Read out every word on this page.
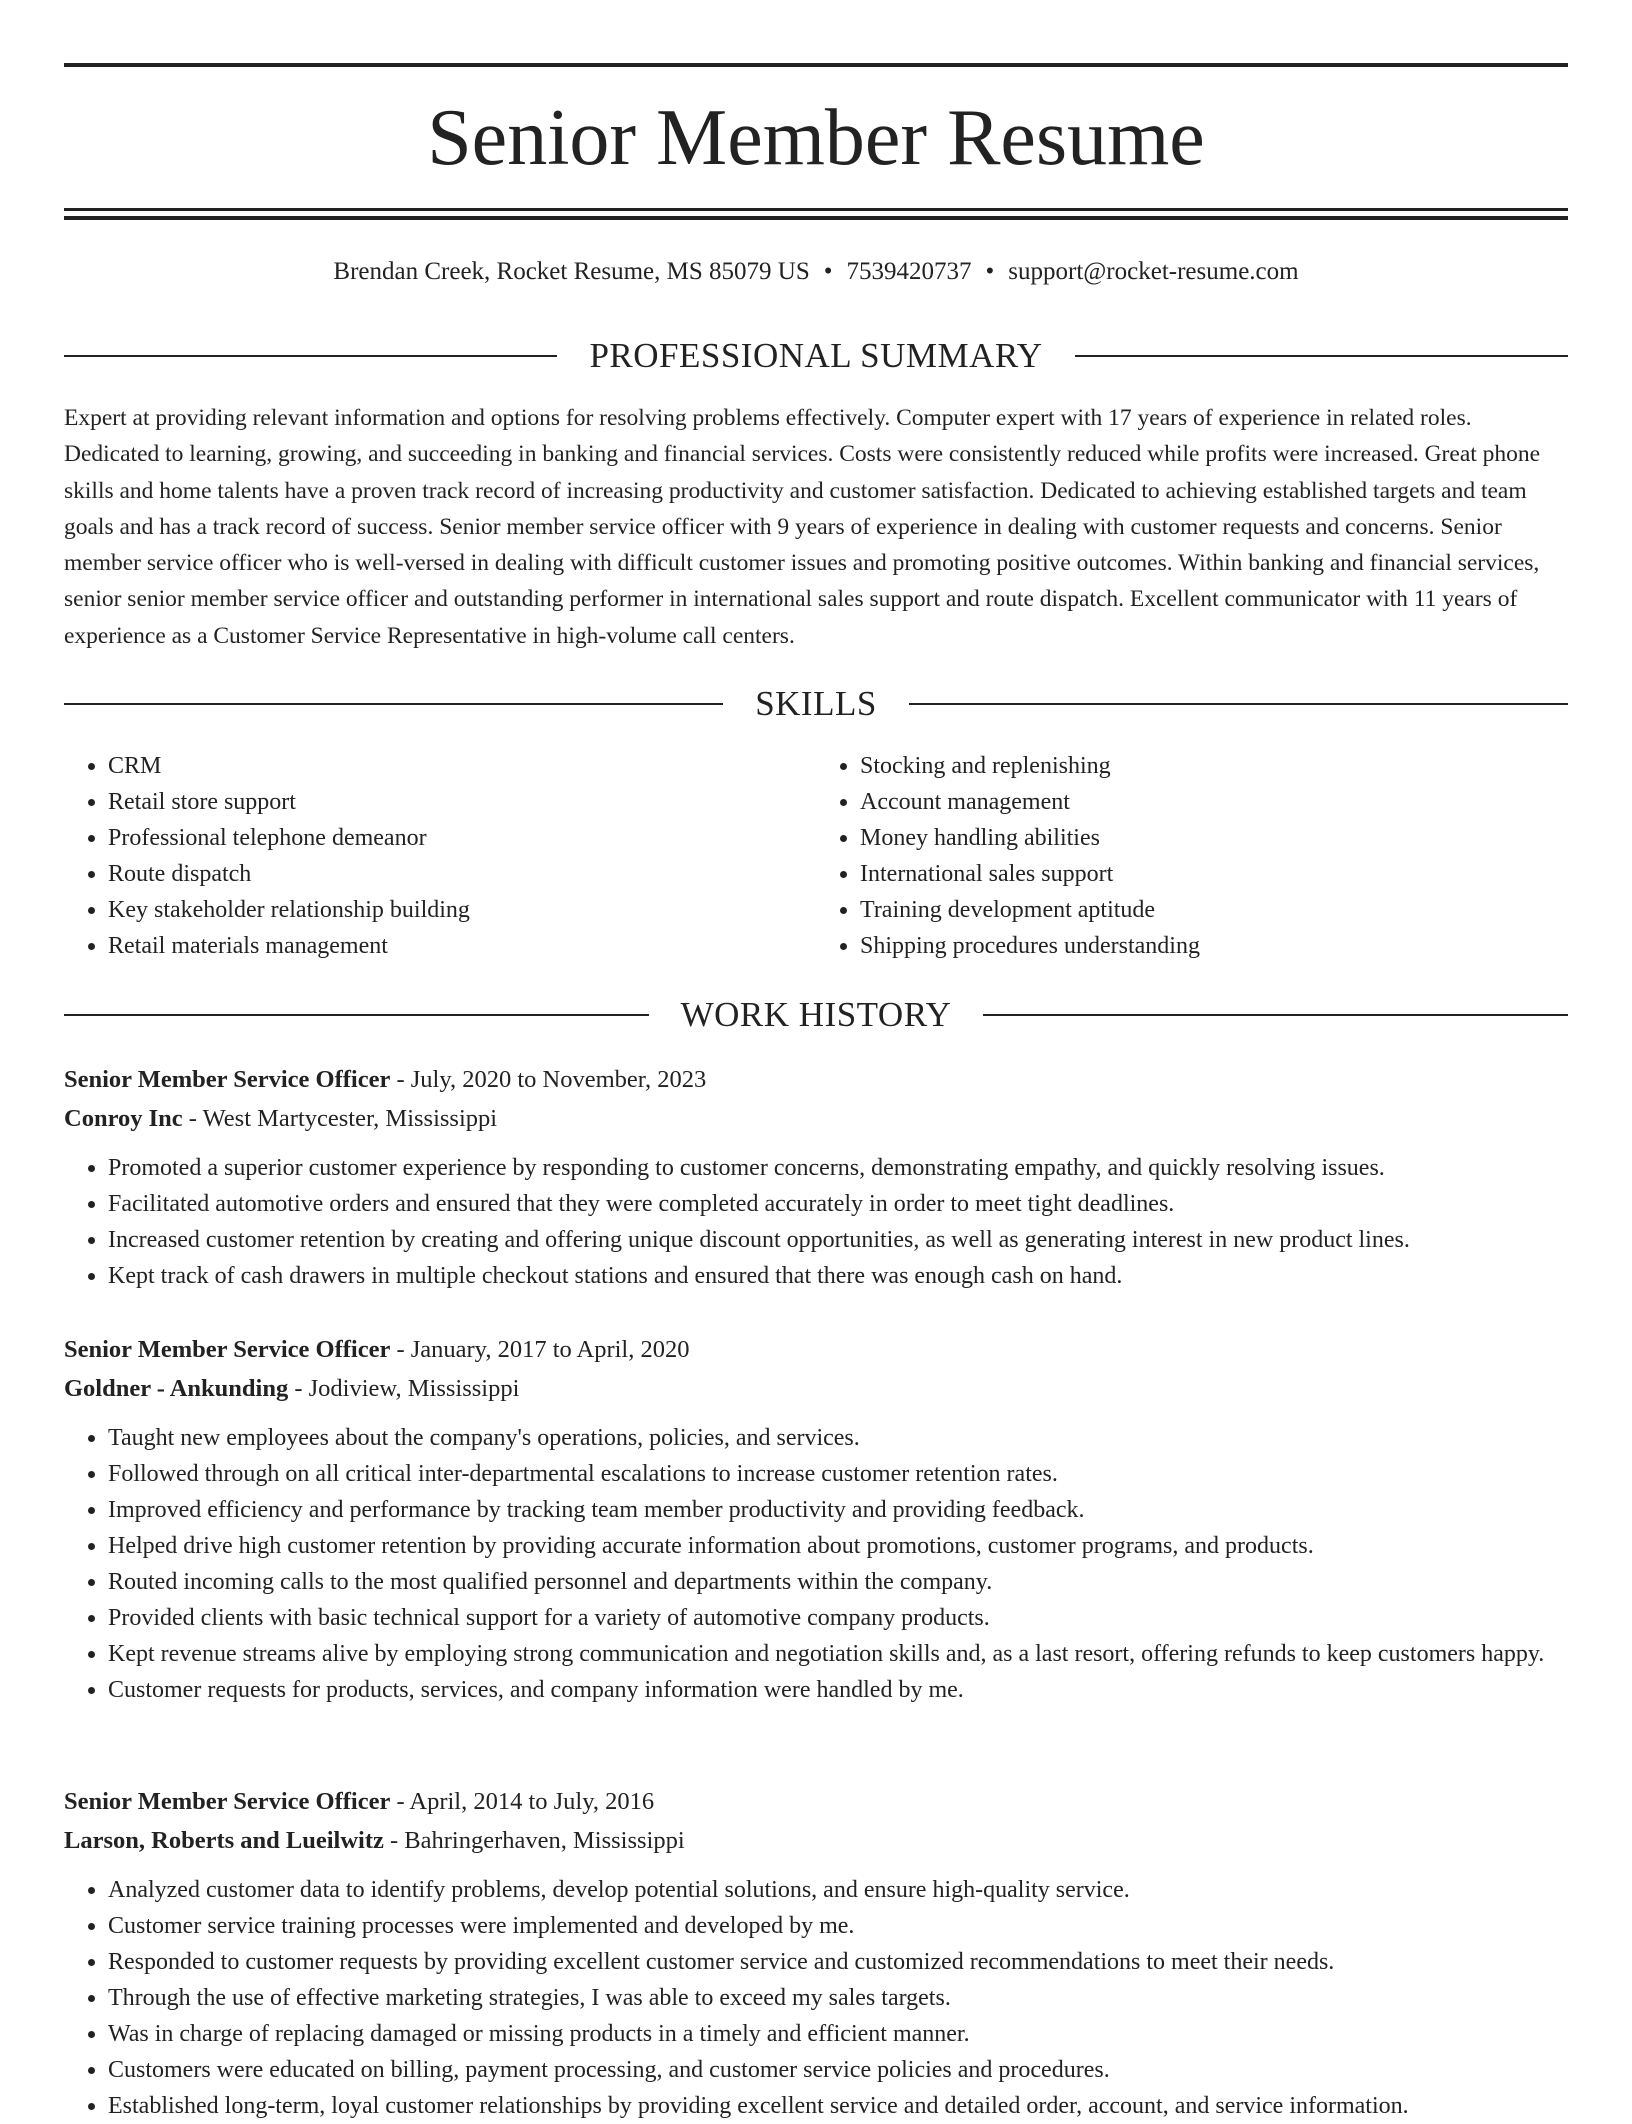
Senior Member Resume
Brendan Creek, Rocket Resume, MS 85079 US • 7539420737 • support@rocket-resume.com
PROFESSIONAL SUMMARY

Expert at providing relevant information and options for resolving problems effectively. Computer expert with 17 years of experience in related roles. Dedicated to learning, growing, and succeeding in banking and financial services. Costs were consistently reduced while profits were increased. Great phone skills and home talents have a proven track record of increasing productivity and customer satisfaction. Dedicated to achieving established targets and team goals and has a track record of success. Senior member service officer with 9 years of experience in dealing with customer requests and concerns. Senior member service officer who is well-versed in dealing with difficult customer issues and promoting positive outcomes. Within banking and financial services, senior senior member service officer and outstanding performer in international sales support and route dispatch. Excellent communicator with 11 years of experience as a Customer Service Representative in high-volume call centers.

SKILLS
• CRM
• Retail store support
• Professional telephone demeanor
• Route dispatch
• Key stakeholder relationship building
• Retail materials management
• Stocking and replenishing
• Account management
• Money handling abilities
• International sales support
• Training development aptitude
• Shipping procedures understanding
WORK HISTORY
Senior Member Service Officer - July, 2020 to November, 2023
Conroy Inc - West Martycester, Mississippi
• Promoted a superior customer experience by responding to customer concerns, demonstrating empathy, and quickly resolving issues.
• Facilitated automotive orders and ensured that they were completed accurately in order to meet tight deadlines.
• Increased customer retention by creating and offering unique discount opportunities, as well as generating interest in new product lines.
• Kept track of cash drawers in multiple checkout stations and ensured that there was enough cash on hand.
Senior Member Service Officer - January, 2017 to April, 2020
Goldner - Ankunding - Jodiview, Mississippi
• Taught new employees about the company's operations, policies, and services.
• Followed through on all critical inter-departmental escalations to increase customer retention rates.
• Improved efficiency and performance by tracking team member productivity and providing feedback.
• Helped drive high customer retention by providing accurate information about promotions, customer programs, and products.
• Routed incoming calls to the most qualified personnel and departments within the company.
• Provided clients with basic technical support for a variety of automotive company products.
• Kept revenue streams alive by employing strong communication and negotiation skills and, as a last resort, offering refunds to keep customers happy.
• Customer requests for products, services, and company information were handled by me.
Senior Member Service Officer - April, 2014 to July, 2016
Larson, Roberts and Lueilwitz - Bahringerhaven, Mississippi
• Analyzed customer data to identify problems, develop potential solutions, and ensure high-quality service.
• Customer service training processes were implemented and developed by me.
• Responded to customer requests by providing excellent customer service and customized recommendations to meet their needs.
• Through the use of effective marketing strategies, I was able to exceed my sales targets.
• Was in charge of replacing damaged or missing products in a timely and efficient manner.
• Customers were educated on billing, payment processing, and customer service policies and procedures.
• Established long-term, loyal customer relationships by providing excellent service and detailed order, account, and service information.
